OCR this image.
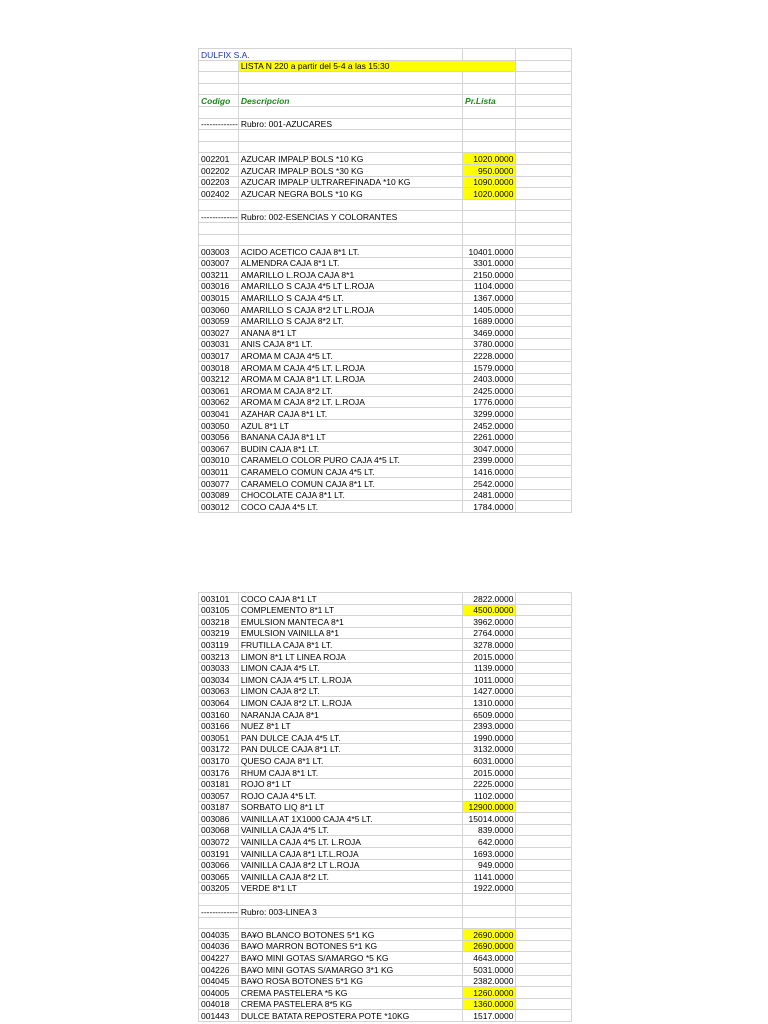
DULFIX S.A.			
	LISTA N 220 a partir del 5-4 a las 15:30		

Codigo	Descripcion	Pr.Lista	

-------------	Rubro: 001-AZUCARES		

002201	AZUCAR IMPALP BOLS *10 KG	1020.0000	
002202	AZUCAR IMPALP BOLS *30 KG	950.0000	
002203	AZUCAR IMPALP ULTRAREFINADA *10 KG	1090.0000	
002402	AZUCAR NEGRA BOLS *10 KG	1020.0000	

-------------	Rubro: 002-ESENCIAS Y COLORANTES		

003003	ACIDO ACETICO CAJA 8*1 LT.	10401.0000	
003007	ALMENDRA CAJA 8*1 LT.	3301.0000	
003211	AMARILLO L.ROJA CAJA 8*1	2150.0000	
003016	AMARILLO S CAJA 4*5 LT L.ROJA	1104.0000	
003015	AMARILLO S CAJA 4*5 LT.	1367.0000	
003060	AMARILLO S CAJA 8*2 LT L.ROJA	1405.0000	
003059	AMARILLO S CAJA 8*2 LT.	1689.0000	
003027	ANANA 8*1 LT	3469.0000	
003031	ANIS CAJA 8*1 LT.	3780.0000	
003017	AROMA M CAJA 4*5 LT.	2228.0000	
003018	AROMA M CAJA 4*5 LT. L.ROJA	1579.0000	
003212	AROMA M CAJA 8*1 LT. L.ROJA	2403.0000	
003061	AROMA M CAJA 8*2 LT.	2425.0000	
003062	AROMA M CAJA 8*2 LT. L.ROJA	1776.0000	
003041	AZAHAR CAJA 8*1 LT.	3299.0000	
003050	AZUL 8*1 LT	2452.0000	
003056	BANANA CAJA 8*1 LT	2261.0000	
003067	BUDIN CAJA 8*1 LT.	3047.0000	
003010	CARAMELO COLOR PURO CAJA 4*5 LT.	2399.0000	
003011	CARAMELO COMUN CAJA 4*5 LT.	1416.0000	
003077	CARAMELO COMUN CAJA 8*1 LT.	2542.0000	
003089	CHOCOLATE CAJA 8*1 LT.	2481.0000	
003012	COCO CAJA 4*5 LT.	1784.0000	
003101	COCO CAJA 8*1 LT	2822.0000	
003105	COMPLEMENTO 8*1 LT	4500.0000	
003218	EMULSION MANTECA 8*1	3962.0000	
003219	EMULSION VAINILLA 8*1	2764.0000	
003119	FRUTILLA CAJA 8*1 LT.	3278.0000	
003213	LIMON 8*1 LT LINEA ROJA	2015.0000	
003033	LIMON CAJA 4*5 LT.	1139.0000	
003034	LIMON CAJA 4*5 LT. L.ROJA	1011.0000	
003063	LIMON CAJA 8*2 LT.	1427.0000	
003064	LIMON CAJA 8*2 LT. L.ROJA	1310.0000	
003160	NARANJA CAJA 8*1	6509.0000	
003166	NUEZ 8*1 LT	2393.0000	
003051	PAN DULCE CAJA 4*5 LT.	1990.0000	
003172	PAN DULCE CAJA 8*1 LT.	3132.0000	
003170	QUESO CAJA 8*1 LT.	6031.0000	
003176	RHUM CAJA 8*1 LT.	2015.0000	
003181	ROJO 8*1 LT	2225.0000	
003057	ROJO CAJA 4*5 LT.	1102.0000	
003187	SORBATO LIQ 8*1 LT	12900.0000	
003086	VAINILLA AT 1X1000 CAJA 4*5 LT.	15014.0000	
003068	VAINILLA CAJA 4*5 LT.	839.0000	
003072	VAINILLA CAJA 4*5 LT. L.ROJA	642.0000	
003191	VAINILLA CAJA 8*1 LT.L.ROJA	1693.0000	
003066	VAINILLA CAJA 8*2 LT L.ROJA	949.0000	
003065	VAINILLA CAJA 8*2 LT.	1141.0000	
003205	VERDE 8*1 LT	1922.0000	

-------------	Rubro: 003-LINEA 3		

004035	BA¥O BLANCO BOTONES 5*1 KG	2690.0000	
004036	BA¥O MARRON BOTONES 5*1 KG	2690.0000	
004227	BA¥O MINI GOTAS S/AMARGO *5 KG	4643.0000	
004226	BA¥O MINI GOTAS S/AMARGO 3*1 KG	5031.0000	
004045	BA¥O ROSA BOTONES 5*1 KG	2382.0000	
004005	CREMA PASTELERA *5 KG	1260.0000	
004018	CREMA PASTELERA 8*5 KG	1360.0000	
001443	DULCE BATATA REPOSTERA POTE *10KG	1517.0000	
